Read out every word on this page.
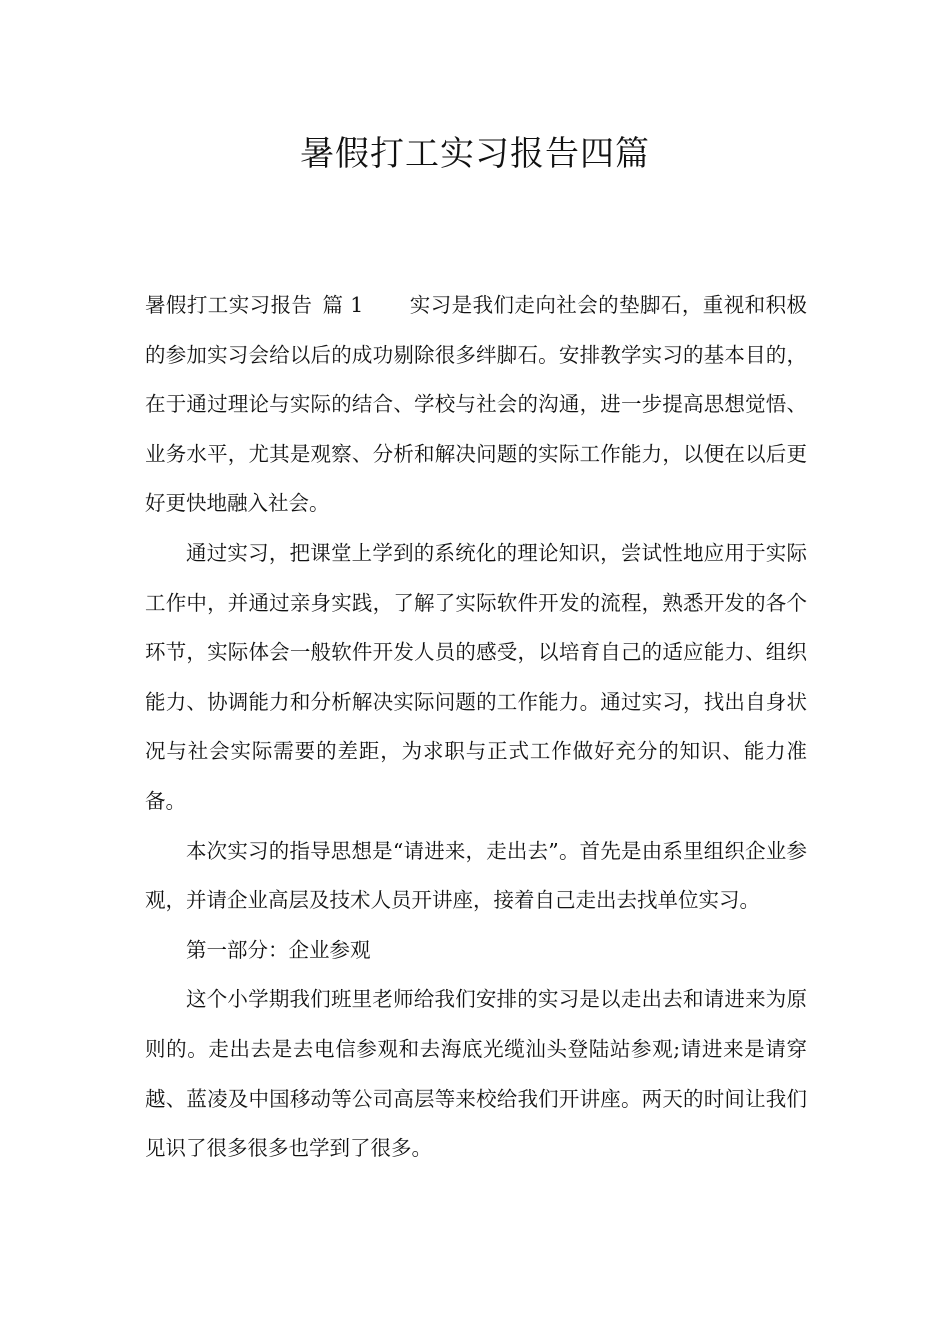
暑假打工实习报告四篇

暑假打工实习报告 篇 1 实习是我们走向社会的垫脚石，重视和积极的参加实习会给以后的成功剔除很多绊脚石。安排教学实习的基本目的，在于通过理论与实际的结合、学校与社会的沟通，进一步提高思想觉悟、业务水平，尤其是观察、分析和解决问题的实际工作能力，以便在以后更好更快地融入社会。

通过实习，把课堂上学到的系统化的理论知识，尝试性地应用于实际工作中，并通过亲身实践，了解了实际软件开发的流程，熟悉开发的各个环节，实际体会一般软件开发人员的感受，以培育自己的适应能力、组织能力、协调能力和分析解决实际问题的工作能力。通过实习，找出自身状况与社会实际需要的差距，为求职与正式工作做好充分的知识、能力准备。

本次实习的指导思想是“请进来，走出去”。首先是由系里组织企业参观，并请企业高层及技术人员开讲座，接着自己走出去找单位实习。

第一部分：企业参观

这个小学期我们班里老师给我们安排的实习是以走出去和请进来为原则的。走出去是去电信参观和去海底光缆汕头登陆站参观;请进来是请穿越、蓝凌及中国移动等公司高层等来校给我们开讲座。两天的时间让我们见识了很多很多也学到了很多。
